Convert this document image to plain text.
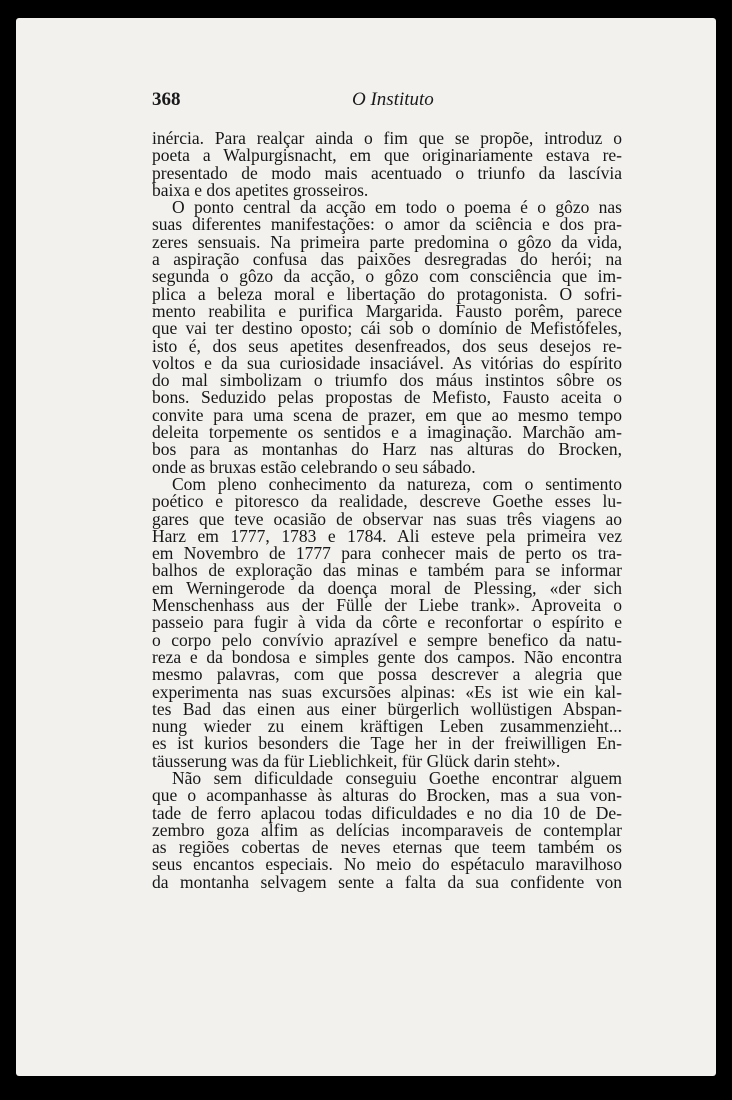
368	O Instituto
inércia. Para realçar ainda o fim que se propõe, introduz o
poeta a Walpurgisnacht, em que originariamente estava re-
presentado de modo mais acentuado o triunfo da lascívia
baixa e dos apetites grosseiros.
O ponto central da acção em todo o poema é o gôzo nas
suas diferentes manifestações: o amor da sciência e dos pra-
zeres sensuais. Na primeira parte predomina o gôzo da vida,
a aspiração confusa das paixões desregradas do herói; na
segunda o gôzo da acção, o gôzo com consciência que im-
plica a beleza moral e libertação do protagonista. O sofri-
mento reabilita e purifica Margarida. Fausto porêm, parece
que vai ter destino oposto; cái sob o domínio de Mefistófeles,
isto é, dos seus apetites desenfreados, dos seus desejos re-
voltos e da sua curiosidade insaciável. As vitórias do espírito
do mal simbolizam o triumfo dos máus instintos sôbre os
bons. Seduzido pelas propostas de Mefisto, Fausto aceita o
convite para uma scena de prazer, em que ao mesmo tempo
deleita torpemente os sentidos e a imaginação. Marchão am-
bos para as montanhas do Harz nas alturas do Brocken,
onde as bruxas estão celebrando o seu sábado.
Com pleno conhecimento da natureza, com o sentimento
poético e pitoresco da realidade, descreve Goethe esses lu-
gares que teve ocasião de observar nas suas três viagens ao
Harz em 1777, 1783 e 1784. Ali esteve pela primeira vez
em Novembro de 1777 para conhecer mais de perto os tra-
balhos de exploração das minas e também para se informar
em Werningerode da doença moral de Plessing, «der sich
Menschenhass aus der Fülle der Liebe trank». Aproveita o
passeio para fugir à vida da côrte e reconfortar o espírito e
o corpo pelo convívio aprazível e sempre benefico da natu-
reza e da bondosa e simples gente dos campos. Não encontra
mesmo palavras, com que possa descrever a alegria que
experimenta nas suas excursões alpinas: «Es ist wie ein kal-
tes Bad das einen aus einer bürgerlich wollüstigen Abspan-
nung wieder zu einem kräftigen Leben zusammenzieht...
es ist kurios besonders die Tage her in der freiwilligen En-
täusserung was da für Lieblichkeit, für Glück darin steht».
Não sem dificuldade conseguiu Goethe encontrar alguem
que o acompanhasse às alturas do Brocken, mas a sua von-
tade de ferro aplacou todas dificuldades e no dia 10 de De-
zembro goza alfim as delícias incomparaveis de contemplar
as regiões cobertas de neves eternas que teem também os
seus encantos especiais. No meio do espétaculo maravilhoso
da montanha selvagem sente a falta da sua confidente von
